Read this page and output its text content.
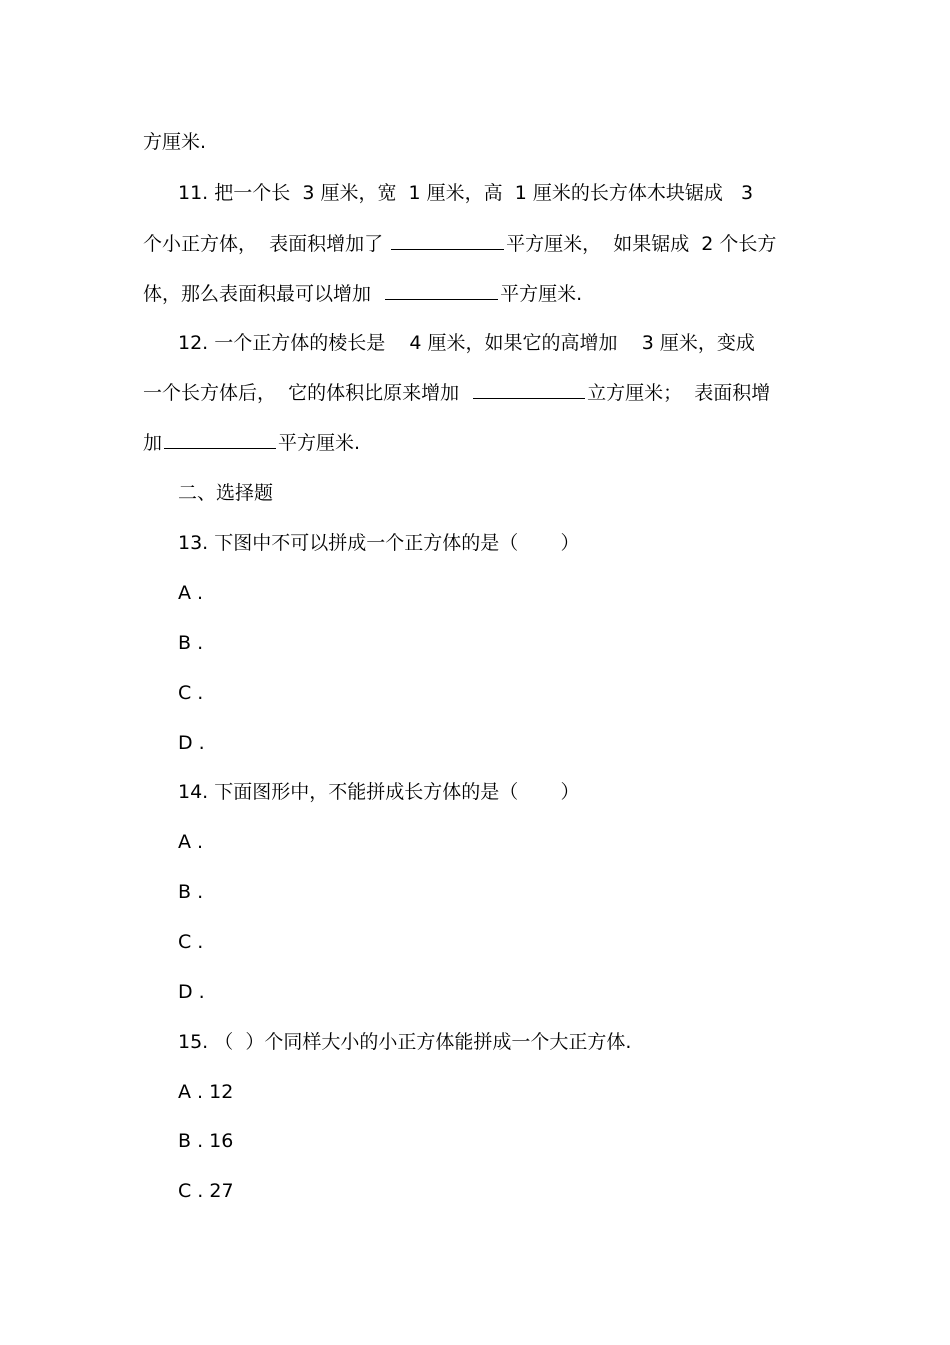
方厘米.
11. 把一个长  3 厘米，宽  1 厘米，高  1 厘米的长方体木块锯成   3
个小正方体，  表面积增加了	平方厘米，  如果锯成  2 个长方
体，那么表面积最可以增加	平方厘米.
12. 一个正方体的棱长是    4 厘米，如果它的高增加    3 厘米，变成
一个长方体后，  它的体积比原来增加	立方厘米；  表面积增
加	平方厘米.
二、选择题
13. 下图中不可以拼成一个正方体的是（       ）
A .
B .
C .
D .
14. 下面图形中，不能拼成长方体的是（       ）
A .
B .
C .
D .
15. （  ）个同样大小的小正方体能拼成一个大正方体.
A . 12
B . 16
C . 27
